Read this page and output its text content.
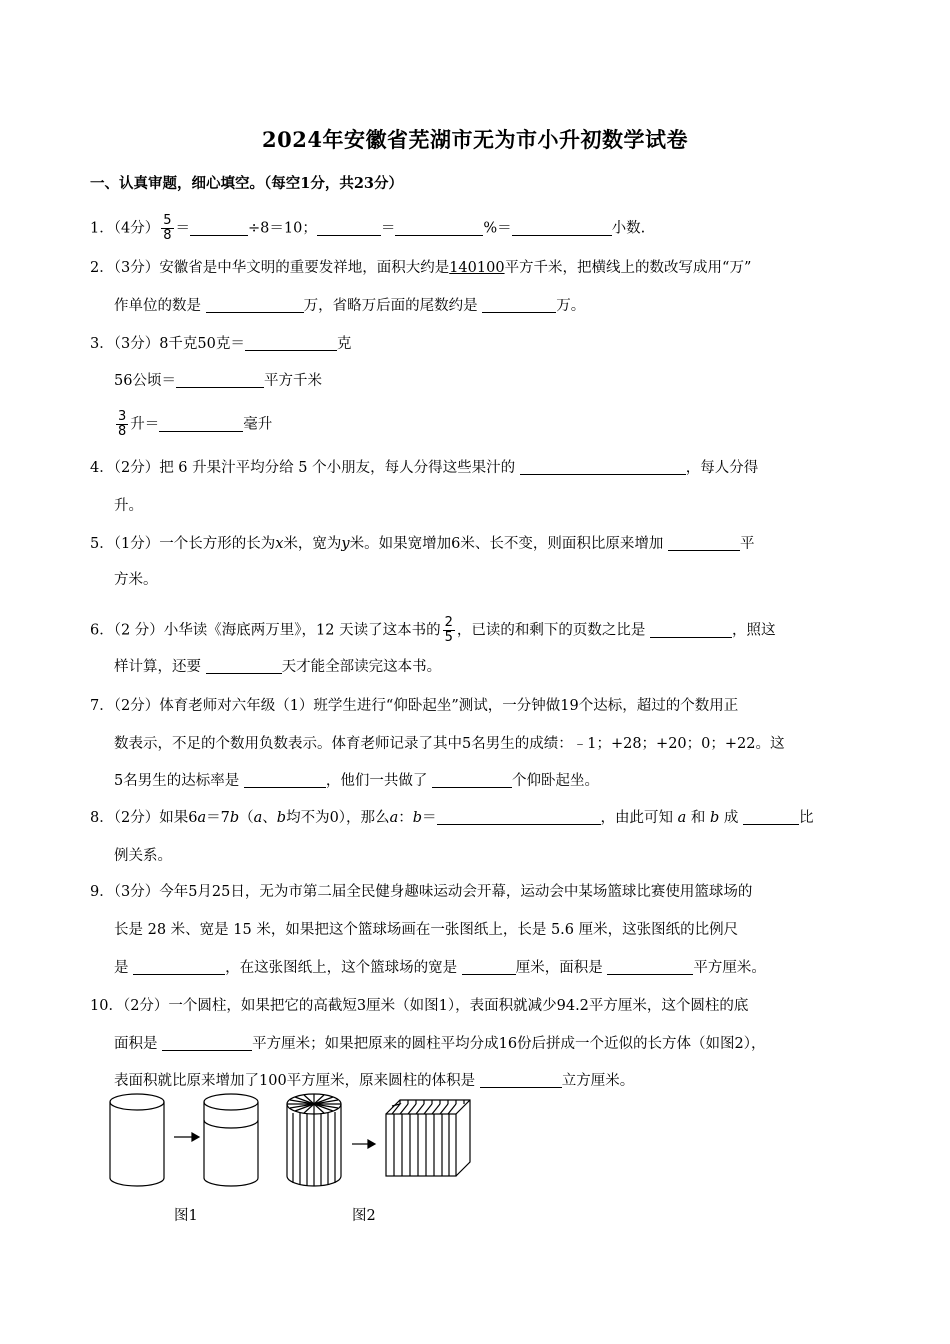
2024年安徽省芜湖市无为市小升初数学试卷
一、认真审题，细心填空。（每空1分，共23分）
1．（4分） $\frac{5}{8}$ ＝	÷8＝10；	＝	%＝	小数.
2．（3分）安徽省是中华文明的重要发祥地，面积大约是140100平方千米，把横线上的数改写成用“万”
作单位的数是	万，省略万后面的尾数约是	万。
3．（3分）8千克50克＝	克
56公顷＝	平方千米
$\frac{3}{8}$ 升＝	毫升
4．（2分）把 6 升果汁平均分给 5 个小朋友，每人分得这些果汁的	，每人分得
升。
5．（1分）一个长方形的长为x米，宽为y米。如果宽增加6米、长不变，则面积比原来增加	平
方米。
6．（2 分）小华读《海底两万里》，12 天读了这本书的 $\frac{2}{5}$ ，已读的和剩下的页数之比是	，照这
样计算，还要	天才能全部读完这本书。
7．（2分）体育老师对六年级（1）班学生进行“仰卧起坐”测试，一分钟做19个达标，超过的个数用正
数表示，不足的个数用负数表示。体育老师记录了其中5名男生的成绩：﹣1；+28；+20；0；+22。这
5名男生的达标率是	，他们一共做了	个仰卧起坐。
8．（2分）如果6a＝7b（a、b均不为0），那么a：b＝	，由此可知 a 和 b 成	比
例关系。
9．（3分）今年5月25日，无为市第二届全民健身趣味运动会开幕，运动会中某场篮球比赛使用篮球场的
长是 28 米、宽是 15 米，如果把这个篮球场画在一张图纸上，长是 5.6 厘米，这张图纸的比例尺
是	，在这张图纸上，这个篮球场的宽是	厘米，面积是	平方厘米。
10．（2分）一个圆柱，如果把它的高截短3厘米（如图1），表面积就减少94.2平方厘米，这个圆柱的底
面积是	平方厘米；如果把原来的圆柱平均分成16份后拼成一个近似的长方体（如图2），
表面积就比原来增加了100平方厘米，原来圆柱的体积是	立方厘米。
图1	图2
